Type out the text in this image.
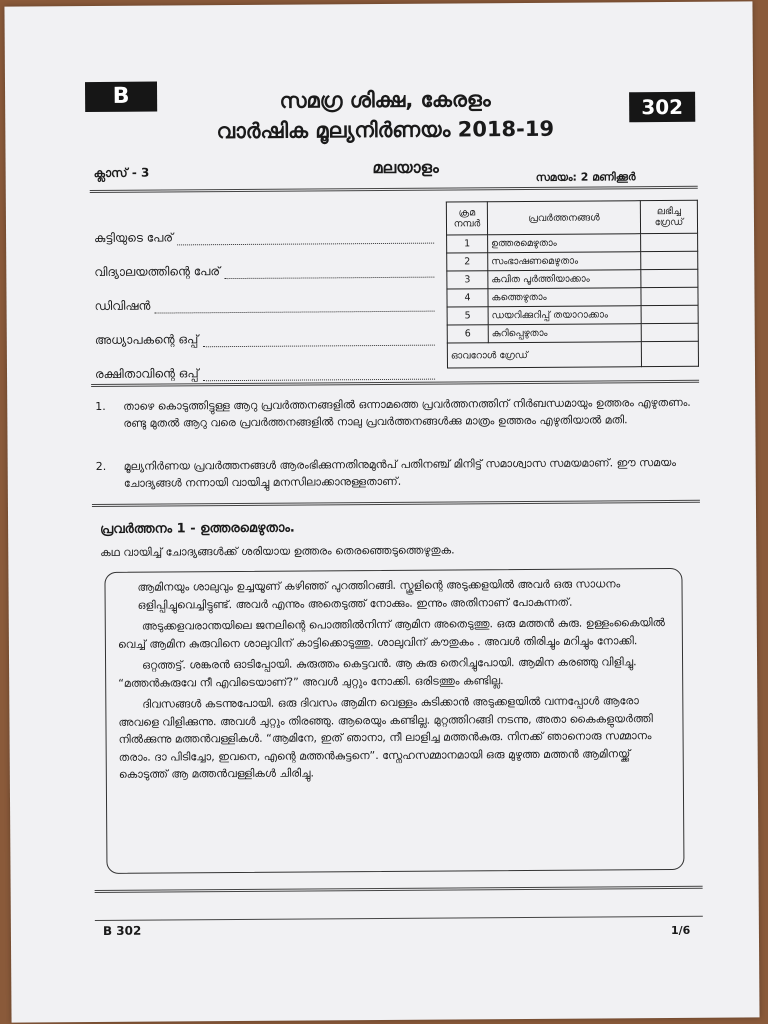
B	302
സമഗ്ര ശിക്ഷ, കേരളം
വാർഷിക മൂല്യനിർണയം 2018-19
ക്ലാസ് - 3	മലയാളം
സമയം: 2 മണിക്കൂർ
കുട്ടിയുടെ പേര്
വിദ്യാലയത്തിന്റെ പേര്
ഡിവിഷൻ
അധ്യാപകന്റെ ഒപ്പ്
രക്ഷിതാവിന്റെ ഒപ്പ്
ക്രമ നമ്പർ	പ്രവർത്തനങ്ങൾ	ലഭിച്ച ഗ്രേഡ്
1	ഉത്തരമെഴുതാം	
2	സംഭാഷണമെഴുതാം	
3	കവിത പൂർത്തിയാക്കാം	
4	കത്തെഴുതാം	
5	ഡയറിക്കുറിപ്പ് തയാറാക്കാം	
6	കുറിപ്പെഴുതാം	
ഓവറോൾ ഗ്രേഡ്		
1.	താഴെ കൊടുത്തിട്ടുള്ള ആറു പ്രവർത്തനങ്ങളിൽ ഒന്നാമത്തെ പ്രവർത്തനത്തിന് നിർബന്ധമായും ഉത്തരം എഴുതണം. രണ്ടു മുതൽ ആറു വരെ പ്രവർത്തനങ്ങളിൽ നാലു പ്രവർത്തനങ്ങൾക്കു മാത്രം ഉത്തരം എഴുതിയാൽ മതി.
2.	മൂല്യനിർണയ പ്രവർത്തനങ്ങൾ ആരംഭിക്കുന്നതിനുമുൻപ് പതിനഞ്ച് മിനിട്ട് സമാശ്വാസ സമയമാണ്. ഈ സമയം ചോദ്യങ്ങൾ നന്നായി വായിച്ചു മനസിലാക്കാനുള്ളതാണ്.
പ്രവർത്തനം 1 - ഉത്തരമെഴുതാം.
കഥ വായിച്ച് ചോദ്യങ്ങൾക്ക് ശരിയായ ഉത്തരം തെരഞ്ഞെടുത്തെഴുതുക.

ആമിനയും ശാലുവും ഉച്ചയൂണ് കഴിഞ്ഞ് പുറത്തിറങ്ങി. സ്കൂളിന്റെ അടുക്കളയിൽ അവർ ഒരു സാധനം ഒളിപ്പിച്ചുവെച്ചിട്ടുണ്ട്. അവർ എന്നും അതെടുത്ത് നോക്കും. ഇന്നും അതിനാണ് പോകുന്നത്.

അടുക്കളവരാന്തയിലെ ജനലിന്റെ പൊത്തിൽനിന്ന് ആമിന അതെടുത്തു. ഒരു മത്തൻ കുരു. ഉള്ളംകൈയിൽ വെച്ച് ആമിന കുരുവിനെ ശാലുവിന് കാട്ടിക്കൊടുത്തു. ശാലുവിന് കൗതുകം . അവൾ തിരിച്ചും മറിച്ചും നോക്കി.

ഒറ്റത്തട്ട്. ശങ്കരൻ ഓടിപ്പോയി. കുരുത്തം കെട്ടവൻ. ആ കുരു തെറിച്ചുപോയി. ആമിന കരഞ്ഞു വിളിച്ചു. “മത്തൻകുരുവേ നീ എവിടെയാണ്?” അവൾ ചുറ്റും നോക്കി. ഒരിടത്തും കണ്ടില്ല.

ദിവസങ്ങൾ കടന്നുപോയി. ഒരു ദിവസം ആമിന വെള്ളം കുടിക്കാൻ അടുക്കളയിൽ വന്നപ്പോൾ ആരോ അവളെ വിളിക്കുന്നു. അവൾ ചുറ്റും തിരഞ്ഞു. ആരെയും കണ്ടില്ല. മുറ്റത്തിറങ്ങി നടന്നു, അതാ കൈകളുയർത്തി നിൽക്കുന്നു മത്തൻവള്ളികൾ. “ആമിനേ, ഇത് ഞാനാ, നീ ലാളിച്ച മത്തൻകുരു. നിനക്ക് ഞാനൊരു സമ്മാനം തരാം. ദാ പിടിച്ചോ, ഇവനെ, എന്റെ മത്തൻകുട്ടനെ”. സ്നേഹസമ്മാനമായി ഒരു മുഴുത്ത മത്തൻ ആമിനയ്ക്ക് കൊടുത്ത് ആ മത്തൻവള്ളികൾ ചിരിച്ചു.

B 302	1/6
